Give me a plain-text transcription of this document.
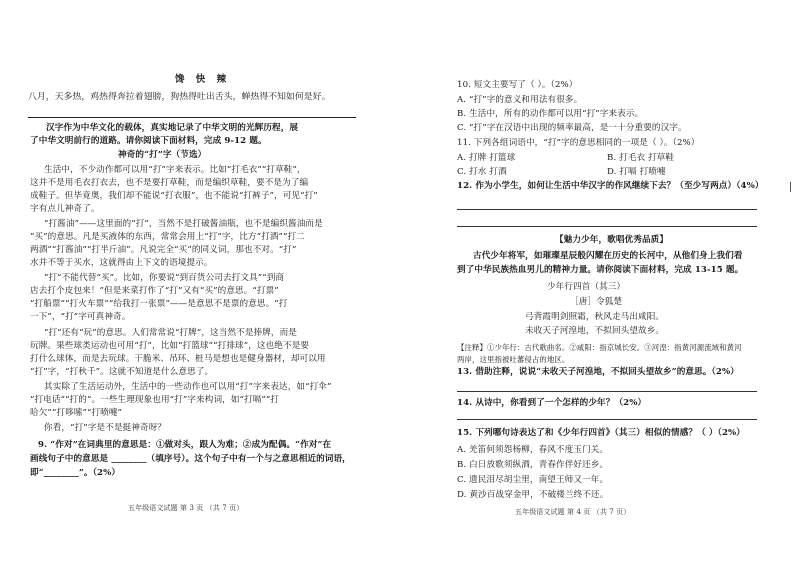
馋 快 辣
八月，天多热，鸡热得奔拉着翅膀，狗热得吐出舌头，蝉热得不知如何是好。
汉字作为中华文化的载体，真实地记录了中华文明的光辉历程，展
了中华文明前行的道路。请你阅读下面材料，完成 9-12 题。
神奇的“打”字（节选）
生活中，不少动作都可以用“打”字来表示。比如“打毛衣”“打草鞋”，
这并不是用毛衣打衣去，也不是要打草鞋，而是编织草鞋，要不是为了编
成鞋子。但毕竟奥，我们却不能说“打衣服”，也不能说“打裤子”，可见“打”
字有点儿神奇了。
“打酱油”——这里面的“打”，当然不是打破酱油瓶，也不是编织酱油而是
“买”的意思。凡是买液体的东西，常常会用上“打”字，比方“打酒”“打二
两酒”“打酱油”“打半斤油”。凡说完全“买”的同义词，那也不对。“打”
水并不等于买水，这就得由上下文的语境提示。
“打”不能代替“买”。比如，你要说“到百货公司去打文具”“到商
店去打个皮包来！”但是来菜打作了“打”又有“买”的意思。“打票”
“打船票”“打火车票”“给我打一张票”——是意思不是票的意思。“打
一下”，“打”字可真神奇。
“打”还有“玩”的意思。人们常常说“打牌”，这当然不是捧牌，而是
玩牌。果些球类运动也可用“打”，比如“打篮球”“打排球”，这也绝不是要
打什么球体，而是去玩球。干脆米、吊环、桩马是想也是健身器材，却可以用
“打”字，“打秋千”。这就不知道是什么意思了。
其实除了生活运动外，生活中的一些动作也可以用“打”字来表达，如“打伞”
“打电话”“打的”。一些生理现象也用“打”字来构词，如“打嗝”“打
哈欠”“打哆嗦”“打喷嚏”
你看，“打”字是不是挺神奇呀？
9. “作对”在词典里的意思是：①做对头，跟人为难；②成为配偶。“作对”在
画线句子中的意思是 ________（填序号）。这个句子中有一个与之意思相近的词语，
即“________”。（2%）
五年级语文试题 第 3 页 （共 7 页）
10. 短文主要写了（ ）。（2%）
A. “打”字的意义和用法有很多。
B. 生活中，所有的动作都可以用“打”字来表示。
C. “打”字在汉语中出现的频率最高，是一十分重要的汉字。
11. 下列各组词语中，“打”字的意思相同的一项是（ ）。（2%）
A. 打牌 打篮球	B. 打毛衣 打草鞋
C. 打水 打酒	D. 打嗝 打喷嚏
12. 作为小学生，如何让生活中华汉字的作风继续下去？（至少写两点）（4%）
【魅力少年，歌唱优秀品质】
古代少年将军，如璀璨星辰般闪耀在历史的长河中，从他们身上我们看
到了中华民族热血男儿的精神力量。请你阅读下面材料，完成 13-15 题。
少年行四首（其三）
［唐］令狐楚
弓背霞明剑照霜，秋风走马出咸阳。
未收天子河湟地，不拟回头望故乡。
【注释】①少年行：古代歌曲名。②咸阳：指京城长安。③河湟：指黄河源流域和黄河
两岸，这里指被吐蕃侵占的地区。
13. 借助注释，说说“未收天子河湟地，不拟回头望故乡”的意思。（2%）
14. 从诗中，你看到了一个怎样的少年？（2%）
15. 下列哪句诗表达了和《少年行四首》（其三）相似的情感？（ ）（2%）
A. 羌笛何须怨杨柳，春风不度玉门关。
B. 白日放歌须纵酒，青春作伴好还乡。
C. 遗民泪尽胡尘里，南望王师又一年。
D. 黄沙百战穿金甲，不破楼兰终不还。
五年级语文试题 第 4 页 （共 7 页）
